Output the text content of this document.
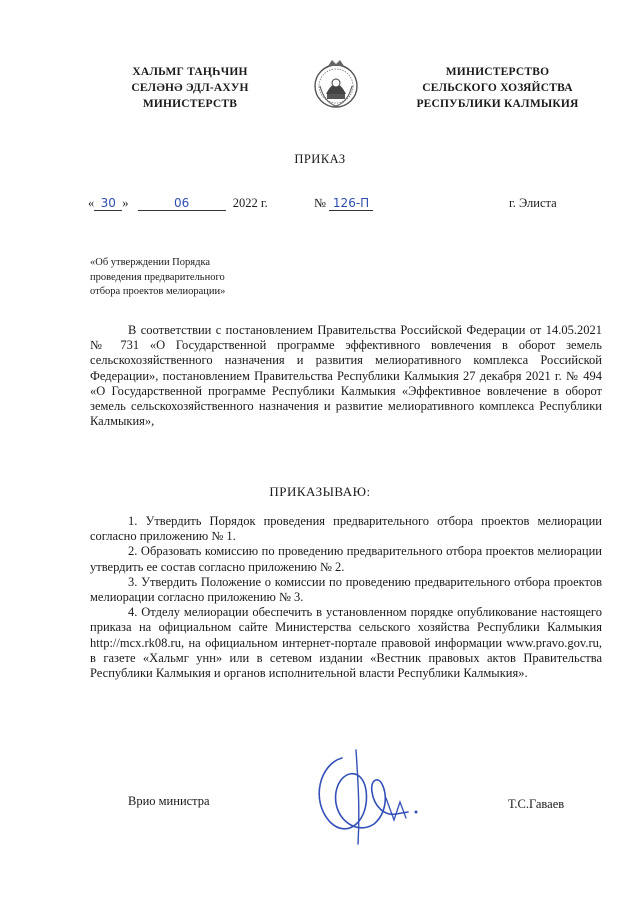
ХАЛЬМГ ТАҢҺЧИН
СЕЛӘНӘ ЭДЛ-АХУН
МИНИСТЕРСТВ
МИНИСТЕРСТВО
СЕЛЬСКОГО ХОЗЯЙСТВА
РЕСПУБЛИКИ КАЛМЫКИЯ
ПРИКАЗ
« 30 »	06	2022 г.	№ 126-П	г. Элиста
«Об утверждении Порядка
проведения предварительного
отбора проектов мелиорации»

В соответствии с постановлением Правительства Российской Федерации от 14.05.2021 № 731 «О Государственной программе эффективного вовлечения в оборот земель сельскохозяйственного назначения и развития мелиоративного комплекса Российской Федерации», постановлением Правительства Республики Калмыкия 27 декабря 2021 г. № 494 «О Государственной программе Республики Калмыкия «Эффективное вовлечение в оборот земель сельскохозяйственного назначения и развитие мелиоративного комплекса Республики Калмыкия»,

ПРИКАЗЫВАЮ:

1. Утвердить Порядок проведения предварительного отбора проектов мелиорации согласно приложению № 1.

2. Образовать комиссию по проведению предварительного отбора проектов мелиорации утвердить ее состав согласно приложению № 2.

3. Утвердить Положение о комиссии по проведению предварительного отбора проектов мелиорации согласно приложению № 3.

4. Отделу мелиорации обеспечить в установленном порядке опубликование настоящего приказа на официальном сайте Министерства сельского хозяйства Республики Калмыкия http://mcx.rk08.ru, на официальном интернет-портале правовой информации www.pravo.gov.ru, в газете «Хальмг унн» или в сетевом издании «Вестник правовых актов Правительства Республики Калмыкия и органов исполнительной власти Республики Калмыкия».

Врио министра	Т.С.Гаваев
